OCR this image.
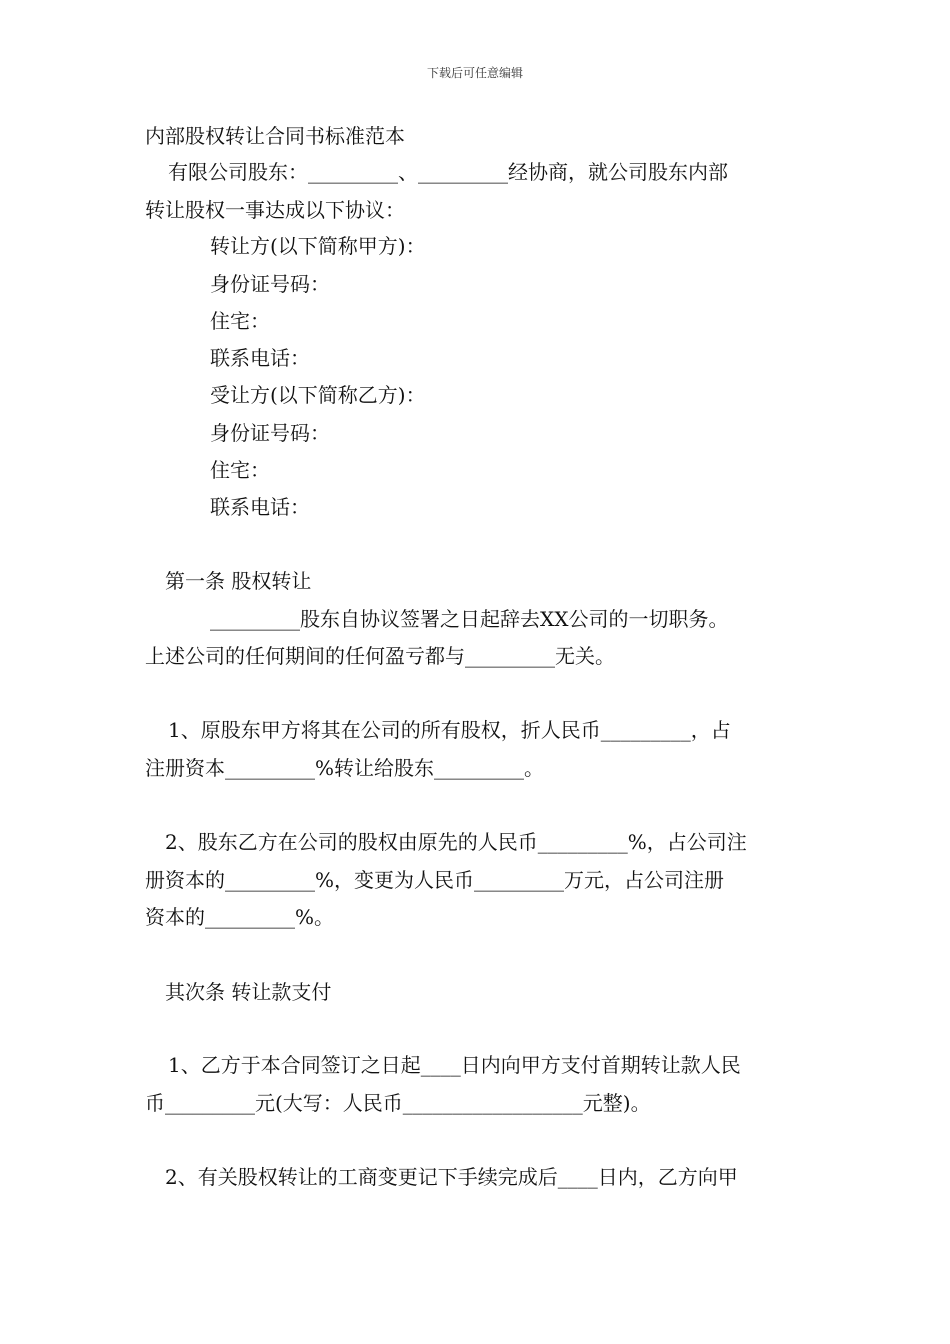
下载后可任意编辑
内部股权转让合同书标准范本
有限公司股东：_________、_________经协商，就公司股东内部
转让股权一事达成以下协议：
转让方(以下简称甲方)：
身份证号码：
住宅：
联系电话：
受让方(以下简称乙方)：
身份证号码：
住宅：
联系电话：
第一条 股权转让
_________股东自协议签署之日起辞去XX公司的一切职务。
上述公司的任何期间的任何盈亏都与_________无关。
1、原股东甲方将其在公司的所有股权，折人民币_________，占
注册资本_________%转让给股东_________。
2、股东乙方在公司的股权由原先的人民币_________%，占公司注
册资本的_________%，变更为人民币_________万元，占公司注册
资本的_________%。
其次条 转让款支付
1、乙方于本合同签订之日起____日内向甲方支付首期转让款人民
币_________元(大写：人民币__________________元整)。
2、有关股权转让的工商变更记下手续完成后____日内，乙方向甲
